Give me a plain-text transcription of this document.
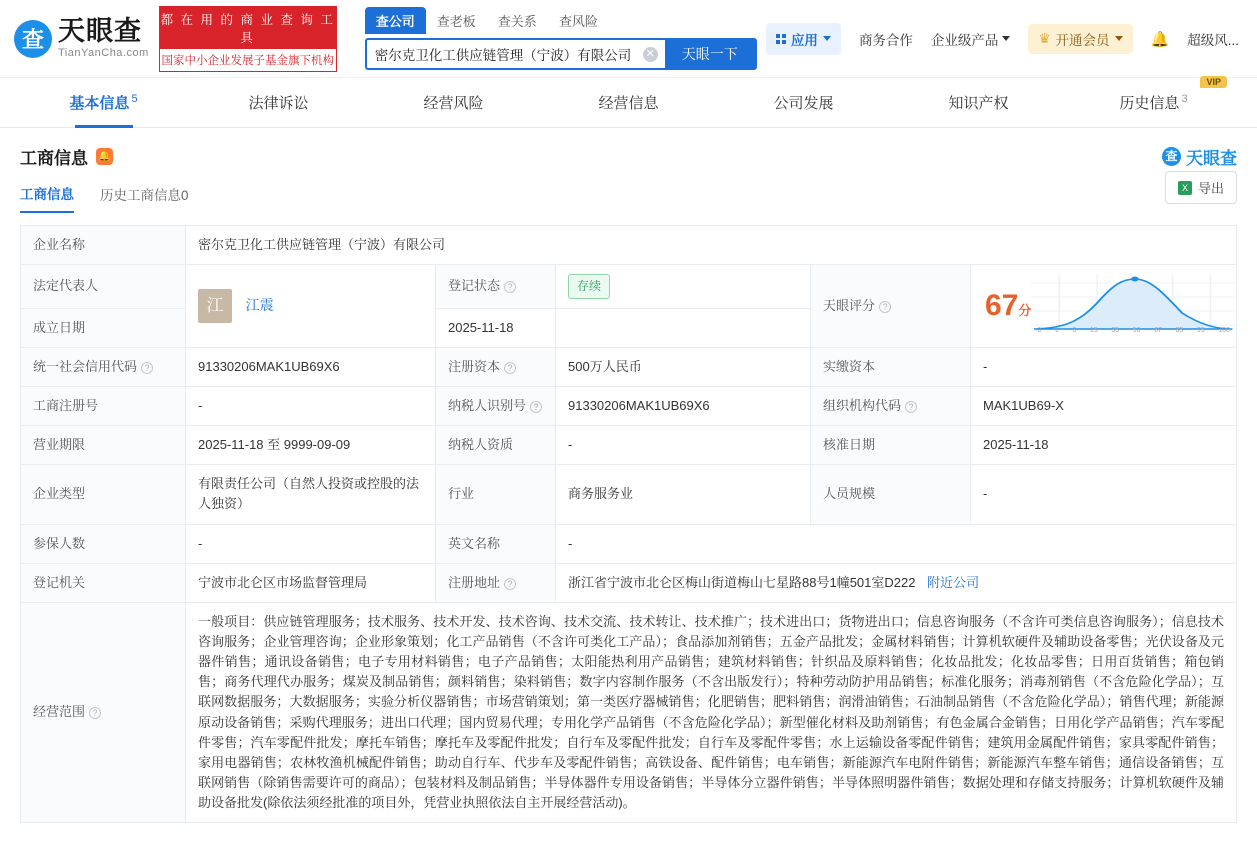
查 天眼查
TianYanCha.com
都 在 用 的 商 业 查 询 工 具
国家中小企业发展子基金旗下机构
查公司	查老板	查关系	查风险
密尔克卫化工供应链管理（宁波）有限公司
✕	天眼一下
应用	商务合作 企业级产品	♛ 开通会员	🔔 超级风...
基本信息 $^5$	法律诉讼	经营风险	经营信息	公司发展	知识产权
VIP
历史信息 $^3$
工商信息 🔔	查 天眼查
工商信息 历史工商信息0
X 导出
企业名称	密尔克卫化工供应链管理（宁波）有限公司				
法定代表人	江 江震	登记状态 ?	存续	天眼评分 ?	67分
0 1 3 15 35 50 67 85 95 100

成立日期		2025-11-18			
统一社会信用代码 ?	91330206MAK1UB69X6	注册资本 ?	500万人民币	实缴资本	-
工商注册号	-	纳税人识别号 ?	91330206MAK1UB69X6	组织机构代码 ?	MAK1UB69-X
营业期限	2025-11-18 至 9999-09-09	纳税人资质	-	核准日期	2025-11-18
企业类型	有限责任公司（自然人投资或控股的法人独资）	行业	商务服务业	人员规模	-
参保人数	-	英文名称	-		
登记机关	宁波市北仑区市场监督管理局	注册地址 ?	浙江省宁波市北仑区梅山街道梅山七星路88号1幢501室D222 附近公司		
经营范围 ?	一般项目：供应链管理服务；技术服务、技术开发、技术咨询、技术交流、技术转让、技术推广；技术进出口；货物进出口；信息咨询服务（不含许可类信息咨询服务）；信息技术咨询服务；企业管理咨询；企业形象策划；化工产品销售（不含许可类化工产品）；食品添加剂销售；五金产品批发；金属材料销售；计算机软硬件及辅助设备零售；光伏设备及元器件销售；通讯设备销售；电子专用材料销售；电子产品销售；太阳能热利用产品销售；建筑材料销售；针织品及原料销售；化妆品批发；化妆品零售；日用百货销售；箱包销售；商务代理代办服务；煤炭及制品销售；颜料销售；染料销售；数字内容制作服务（不含出版发行）；特种劳动防护用品销售；标准化服务；消毒剂销售（不含危险化学品）；互联网数据服务；大数据服务；实验分析仪器销售；市场营销策划；第一类医疗器械销售；化肥销售；肥料销售；润滑油销售；石油制品销售（不含危险化学品）；销售代理；新能源原动设备销售；采购代理服务；进出口代理；国内贸易代理；专用化学产品销售（不含危险化学品）；新型催化材料及助剂销售；有色金属合金销售；日用化学产品销售；汽车零配件零售；汽车零配件批发；摩托车销售；摩托车及零配件批发；自行车及零配件批发；自行车及零配件零售；水上运输设备零配件销售；建筑用金属配件销售；家具零配件销售；家用电器销售；农林牧渔机械配件销售；助动自行车、代步车及零配件销售；高铁设备、配件销售；电车销售；新能源汽车电附件销售；新能源汽车整车销售；通信设备销售；互联网销售（除销售需要许可的商品）；包装材料及制品销售；半导体器件专用设备销售；半导体分立器件销售；半导体照明器件销售；数据处理和存储支持服务；计算机软硬件及辅助设备批发(除依法须经批准的项目外，凭营业执照依法自主开展经营活动)。				
